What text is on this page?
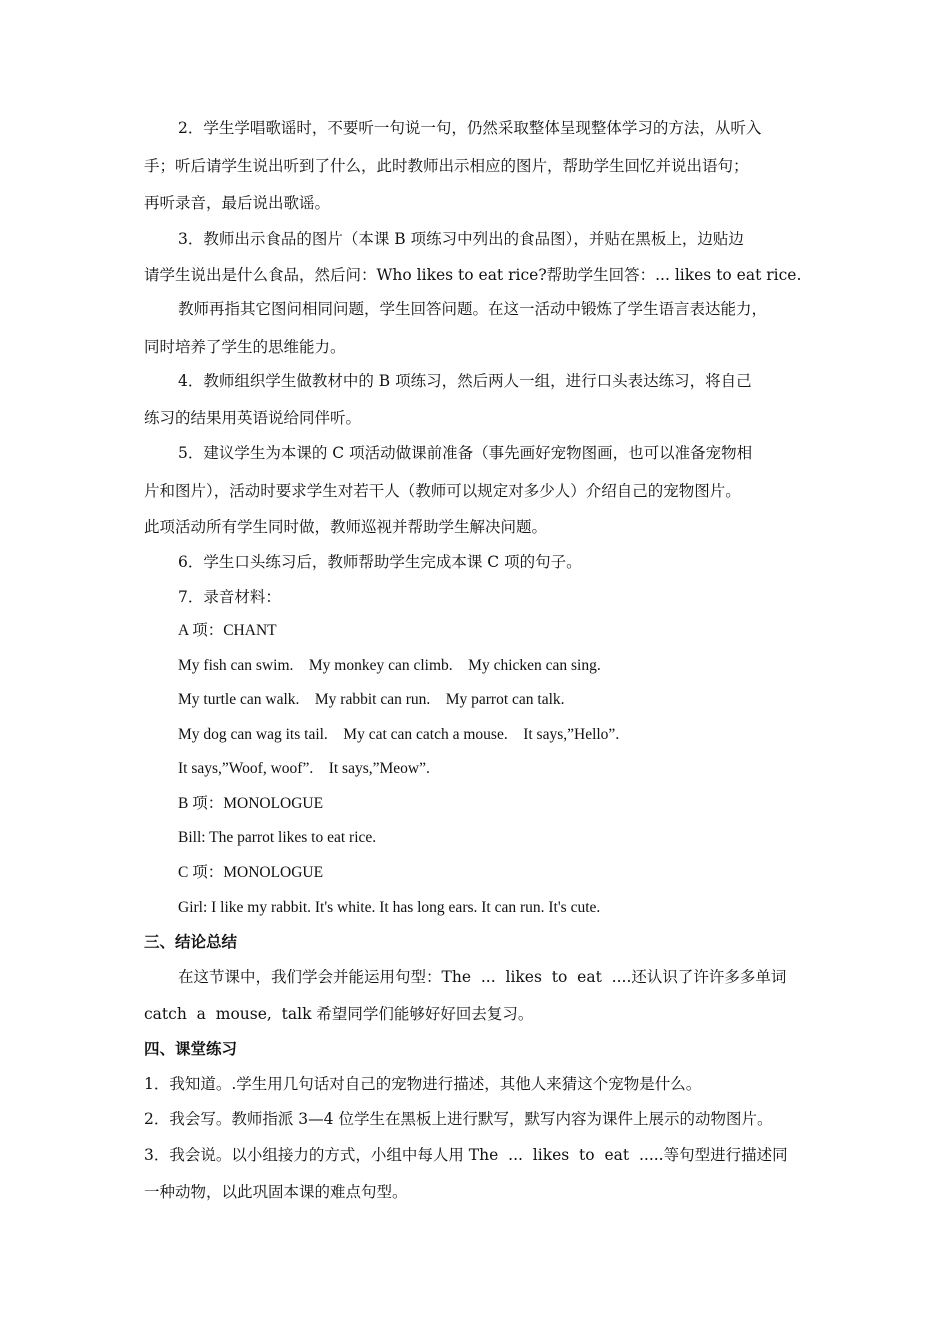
2．学生学唱歌谣时，不要听一句说一句，仍然采取整体呈现整体学习的方法，从听入
手；听后请学生说出听到了什么，此时教师出示相应的图片，帮助学生回忆并说出语句；
再听录音，最后说出歌谣。
3．教师出示食品的图片（本课 B 项练习中列出的食品图），并贴在黑板上，边贴边
请学生说出是什么食品，然后问：Who likes to eat rice?帮助学生回答：... likes to eat rice.
教师再指其它图问相同问题，学生回答问题。在这一活动中锻炼了学生语言表达能力，
同时培养了学生的思维能力。
4．教师组织学生做教材中的 B 项练习，然后两人一组，进行口头表达练习，将自己
练习的结果用英语说给同伴听。
5．建议学生为本课的 C 项活动做课前准备（事先画好宠物图画，也可以准备宠物相
片和图片），活动时要求学生对若干人（教师可以规定对多少人）介绍自己的宠物图片。
此项活动所有学生同时做，教师巡视并帮助学生解决问题。
6．学生口头练习后，教师帮助学生完成本课 C 项的句子。
7．录音材料：
A 项：CHANT
My fish can swim.    My monkey can climb.    My chicken can sing.
My turtle can walk.    My rabbit can run.    My parrot can talk.
My dog can wag its tail.    My cat can catch a mouse.    It says,”Hello”.
It says,”Woof, woof”.    It says,”Meow”.
B 项：MONOLOGUE
Bill: The parrot likes to eat rice.
C 项：MONOLOGUE
Girl: I like my rabbit. It's white. It has long ears. It can run. It's cute.
三、结论总结
在这节课中，我们学会并能运用句型：The  ...  likes  to  eat  ....还认识了许许多多单词
catch  a  mouse,  talk 希望同学们能够好好回去复习。
四、课堂练习
1．我知道。.学生用几句话对自己的宠物进行描述，其他人来猜这个宠物是什么。
2．我会写。教师指派 3—4 位学生在黑板上进行默写，默写内容为课件上展示的动物图片。
3．我会说。以小组接力的方式，小组中每人用 The  ...  likes  to  eat  .....等句型进行描述同
一种动物，以此巩固本课的难点句型。
